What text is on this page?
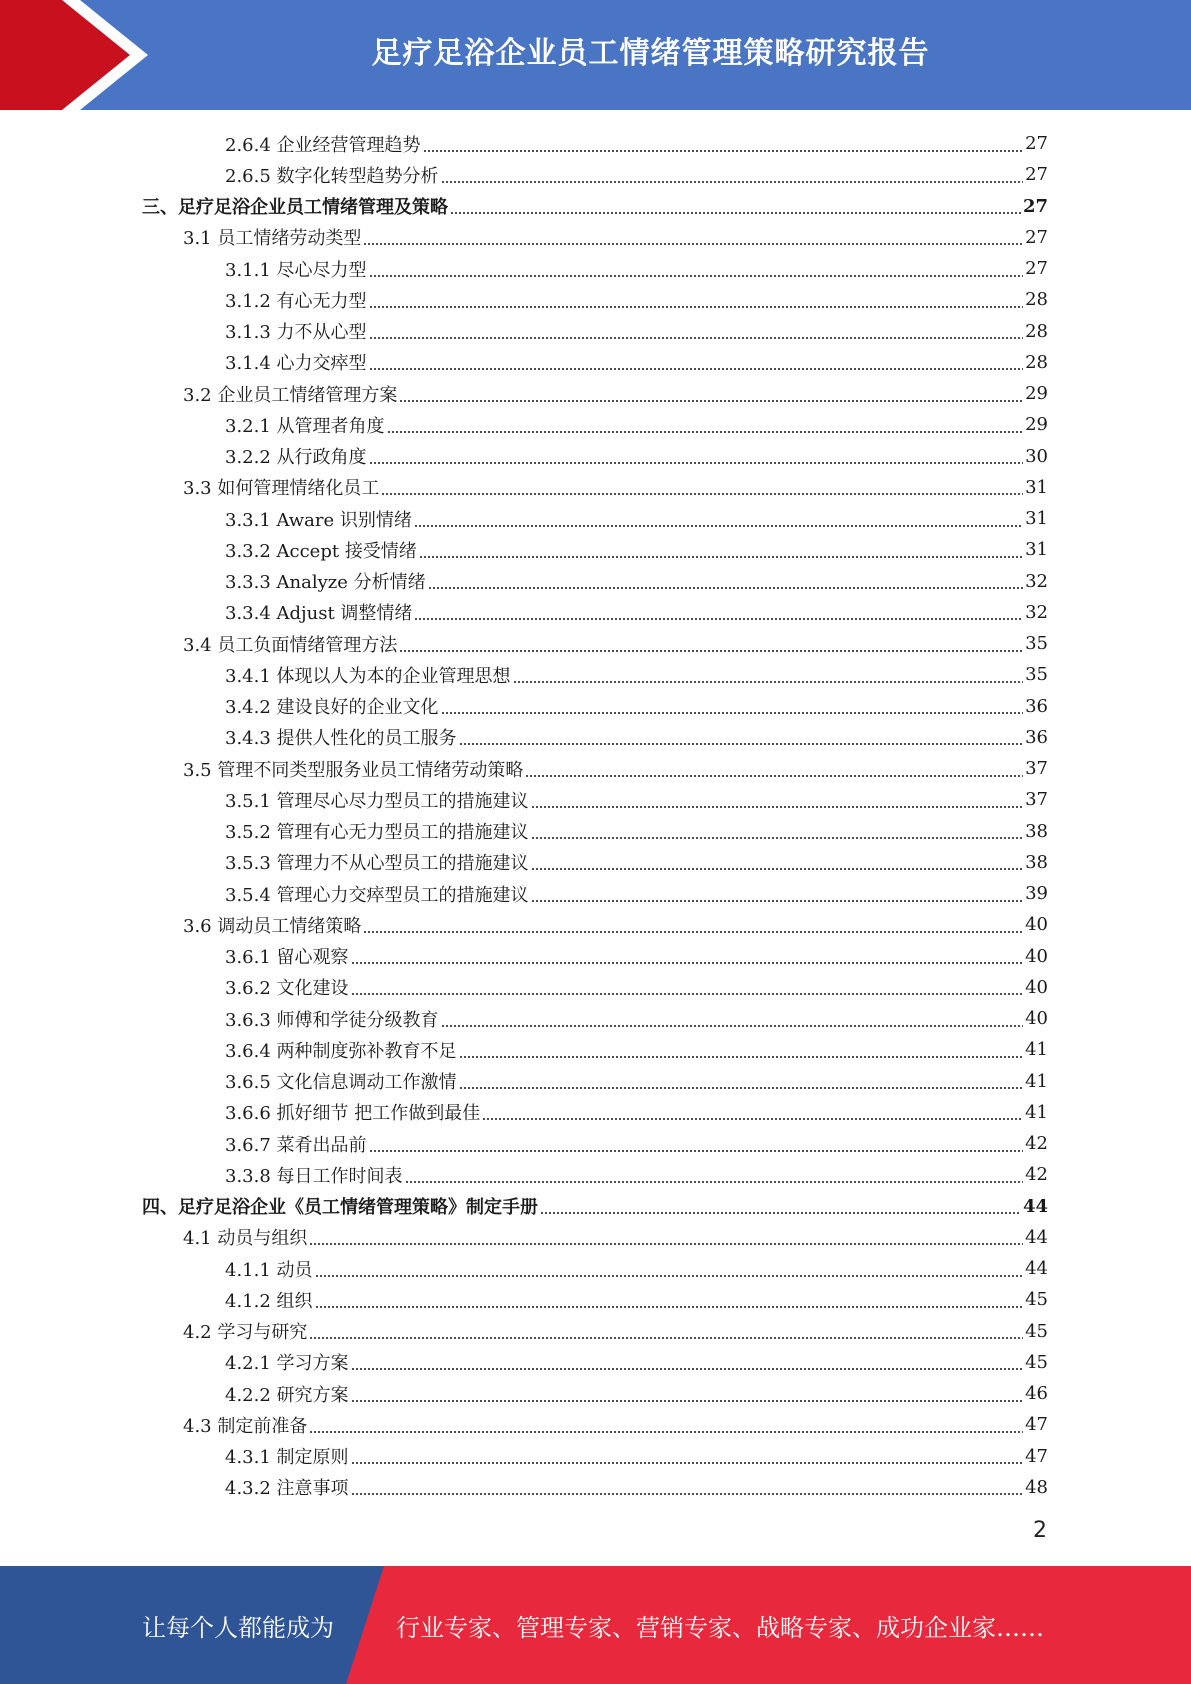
足疗足浴企业员工情绪管理策略研究报告
2.6.4 企业经营管理趋势	27
2.6.5 数字化转型趋势分析	27
三、足疗足浴企业员工情绪管理及策略	27
3.1 员工情绪劳动类型	27
3.1.1 尽心尽力型	27
3.1.2 有心无力型	28
3.1.3 力不从心型	28
3.1.4 心力交瘁型	28
3.2 企业员工情绪管理方案	29
3.2.1 从管理者角度	29
3.2.2 从行政角度	30
3.3 如何管理情绪化员工	31
3.3.1 Aware 识别情绪	31
3.3.2 Accept 接受情绪	31
3.3.3 Analyze 分析情绪	32
3.3.4 Adjust 调整情绪	32
3.4 员工负面情绪管理方法	35
3.4.1 体现以人为本的企业管理思想	35
3.4.2 建设良好的企业文化	36
3.4.3 提供人性化的员工服务	36
3.5 管理不同类型服务业员工情绪劳动策略	37
3.5.1 管理尽心尽力型员工的措施建议	37
3.5.2 管理有心无力型员工的措施建议	38
3.5.3 管理力不从心型员工的措施建议	38
3.5.4 管理心力交瘁型员工的措施建议	39
3.6 调动员工情绪策略	40
3.6.1 留心观察	40
3.6.2 文化建设	40
3.6.3 师傅和学徒分级教育	40
3.6.4 两种制度弥补教育不足	41
3.6.5 文化信息调动工作激情	41
3.6.6 抓好细节 把工作做到最佳	41
3.6.7 菜肴出品前	42
3.3.8 每日工作时间表	42
四、足疗足浴企业《员工情绪管理策略》制定手册	44
4.1 动员与组织	44
4.1.1 动员	44
4.1.2 组织	45
4.2 学习与研究	45
4.2.1 学习方案	45
4.2.2 研究方案	46
4.3 制定前准备	47
4.3.1 制定原则	47
4.3.2 注意事项	48
2
让每个人都能成为	行业专家、管理专家、营销专家、战略专家、成功企业家……
